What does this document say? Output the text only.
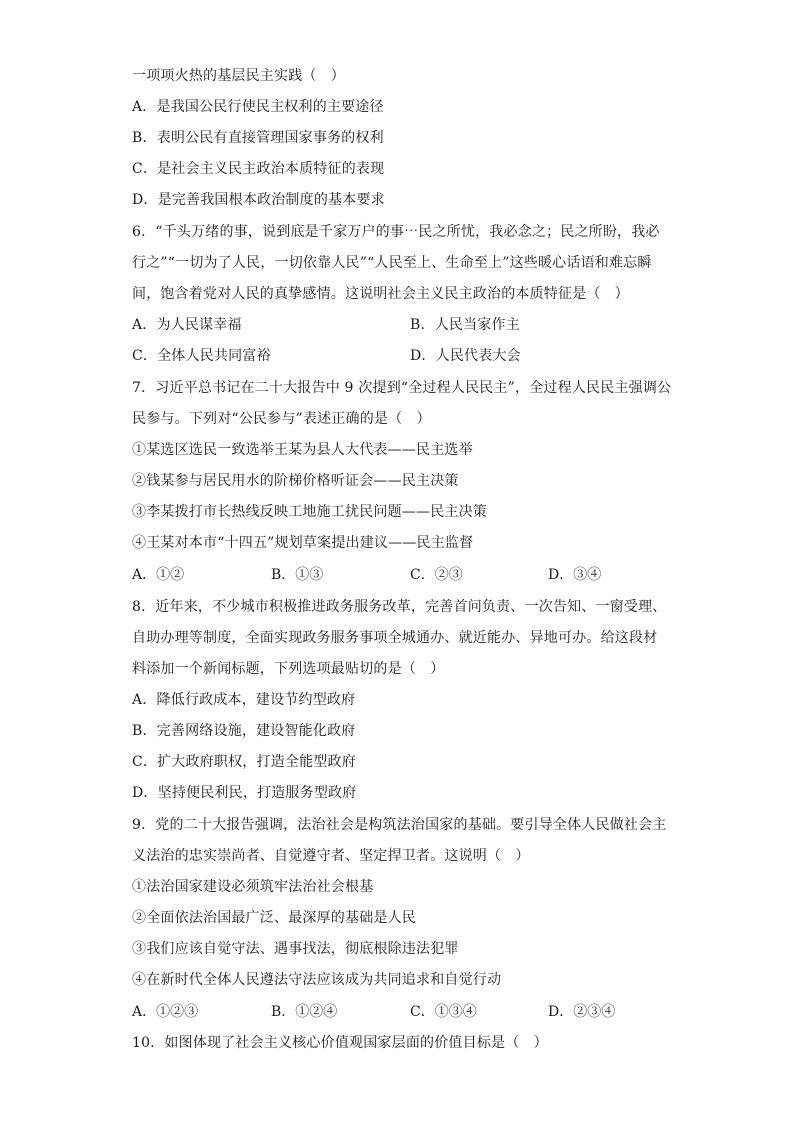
一项项火热的基层民主实践（　）
A．是我国公民行使民主权利的主要途径
B．表明公民有直接管理国家事务的权利
C．是社会主义民主政治本质特征的表现
D．是完善我国根本政治制度的基本要求
6．“千头万绪的事，说到底是千家万户的事⋯民之所忧，我必念之；民之所盼，我必
行之”“一切为了人民，一切依靠人民”“人民至上、生命至上”这些暖心话语和难忘瞬
间，饱含着党对人民的真挚感情。这说明社会主义民主政治的本质特征是（　）
A．为人民谋幸福	B．人民当家作主
C．全体人民共同富裕	D．人民代表大会
7．习近平总书记在二十大报告中 9 次提到“全过程人民民主”，全过程人民民主强调公
民参与。下列对“公民参与”表述正确的是（　）
①某选区选民一致选举王某为县人大代表——民主选举
②钱某参与居民用水的阶梯价格听证会——民主决策
③李某拨打市长热线反映工地施工扰民问题——民主决策
④王某对本市“十四五”规划草案提出建议——民主监督
A．①②	B．①③	C．②③	D．③④
8．近年来，不少城市积极推进政务服务改革，完善首问负责、一次告知、一窗受理、
自助办理等制度，全面实现政务服务事项全城通办、就近能办、异地可办。给这段材
料添加一个新闻标题，下列选项最贴切的是（　）
A．降低行政成本，建设节约型政府
B．完善网络设施，建设智能化政府
C．扩大政府职权，打造全能型政府
D．坚持便民利民，打造服务型政府
9．党的二十大报告强调，法治社会是构筑法治国家的基础。要引导全体人民做社会主
义法治的忠实崇尚者、自觉遵守者、坚定捍卫者。这说明（　）
①法治国家建设必须筑牢法治社会根基
②全面依法治国最广泛、最深厚的基础是人民
③我们应该自觉守法、遇事找法，彻底根除违法犯罪
④在新时代全体人民遵法守法应该成为共同追求和自觉行动
A．①②③	B．①②④	C．①③④	D．②③④
10．如图体现了社会主义核心价值观国家层面的价值目标是（　）
